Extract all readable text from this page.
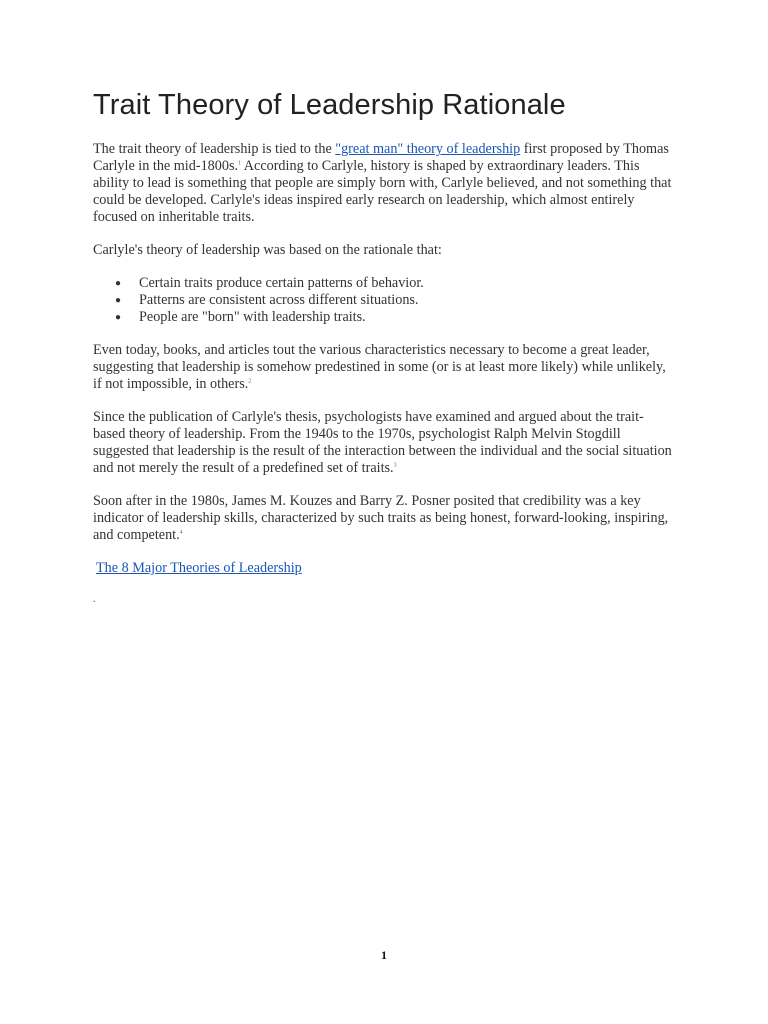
Trait Theory of Leadership Rationale

The trait theory of leadership is tied to the "great man" theory of leadership first proposed by Thomas Carlyle in the mid-1800s.$^1$ According to Carlyle, history is shaped by extraordinary leaders. This ability to lead is something that people are simply born with, Carlyle believed, and not something that could be developed. Carlyle's ideas inspired early research on leadership, which almost entirely focused on inheritable traits.

Carlyle's theory of leadership was based on the rationale that:

● Certain traits produce certain patterns of behavior.
● Patterns are consistent across different situations.
● People are "born" with leadership traits.

Even today, books, and articles tout the various characteristics necessary to become a great leader, suggesting that leadership is somehow predestined in some (or is at least more likely) while unlikely, if not impossible, in others.$^2$

Since the publication of Carlyle's thesis, psychologists have examined and argued about the trait-based theory of leadership. From the 1940s to the 1970s, psychologist Ralph Melvin Stogdill suggested that leadership is the result of the interaction between the individual and the social situation and not merely the result of a predefined set of traits.$^3$

Soon after in the 1980s, James M. Kouzes and Barry Z. Posner posited that credibility was a key indicator of leadership skills, characterized by such traits as being honest, forward-looking, inspiring, and competent.$^4$

The 8 Major Theories of Leadership

.
1
